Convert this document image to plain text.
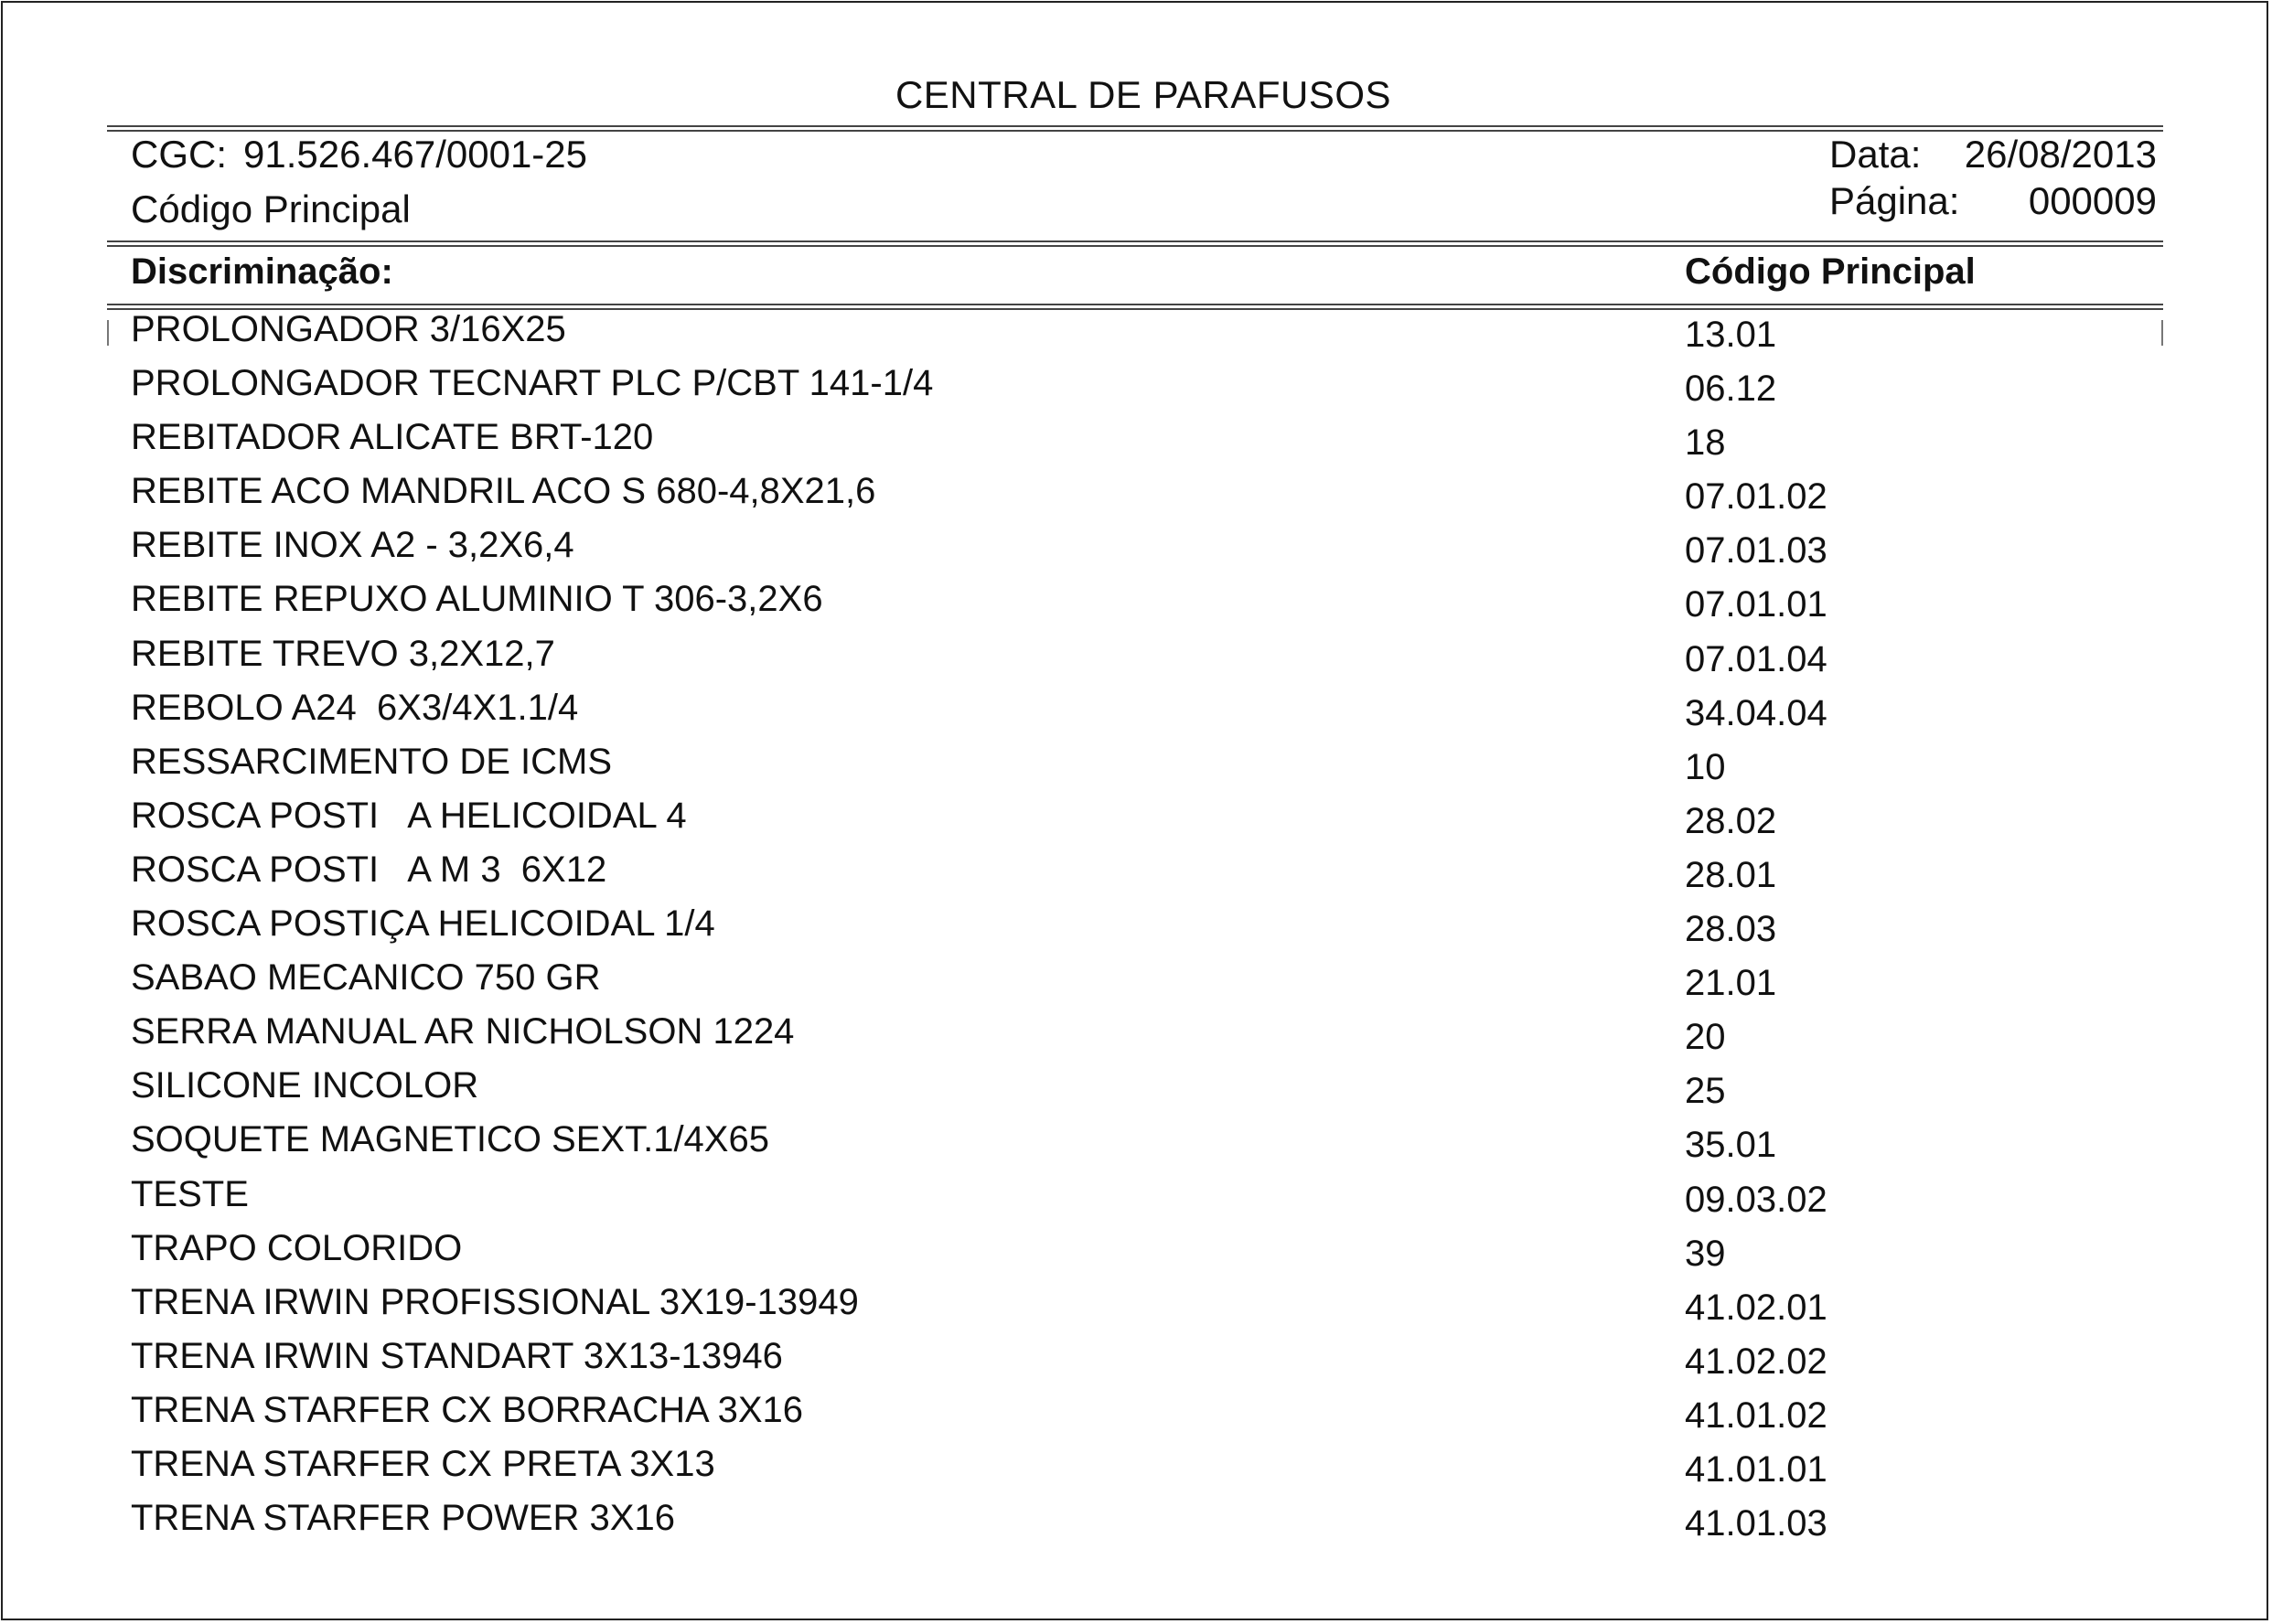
CENTRAL DE PARAFUSOS
CGC: 91.526.467/0001-25
Código Principal
Data: 26/08/2013
Página: 000009
Discriminação:	Código Principal
PROLONGADOR 3/16X25	13.01
PROLONGADOR TECNART PLC P/CBT 141-1/4	06.12
REBITADOR ALICATE BRT-120	18
REBITE ACO MANDRIL ACO S 680-4,8X21,6	07.01.02
REBITE INOX A2 - 3,2X6,4	07.01.03
REBITE REPUXO ALUMINIO T 306-3,2X6	07.01.01
REBITE TREVO 3,2X12,7	07.01.04
REBOLO A24  6X3/4X1.1/4	34.04.04
RESSARCIMENTO DE ICMS	10
ROSCA POSTI   A HELICOIDAL 4	28.02
ROSCA POSTI   A M 3  6X12	28.01
ROSCA POSTIÇA HELICOIDAL 1/4	28.03
SABAO MECANICO 750 GR	21.01
SERRA MANUAL AR NICHOLSON 1224	20
SILICONE INCOLOR	25
SOQUETE MAGNETICO SEXT.1/4X65	35.01
TESTE	09.03.02
TRAPO COLORIDO	39
TRENA IRWIN PROFISSIONAL 3X19-13949	41.02.01
TRENA IRWIN STANDART 3X13-13946	41.02.02
TRENA STARFER CX BORRACHA 3X16	41.01.02
TRENA STARFER CX PRETA 3X13	41.01.01
TRENA STARFER POWER 3X16	41.01.03
